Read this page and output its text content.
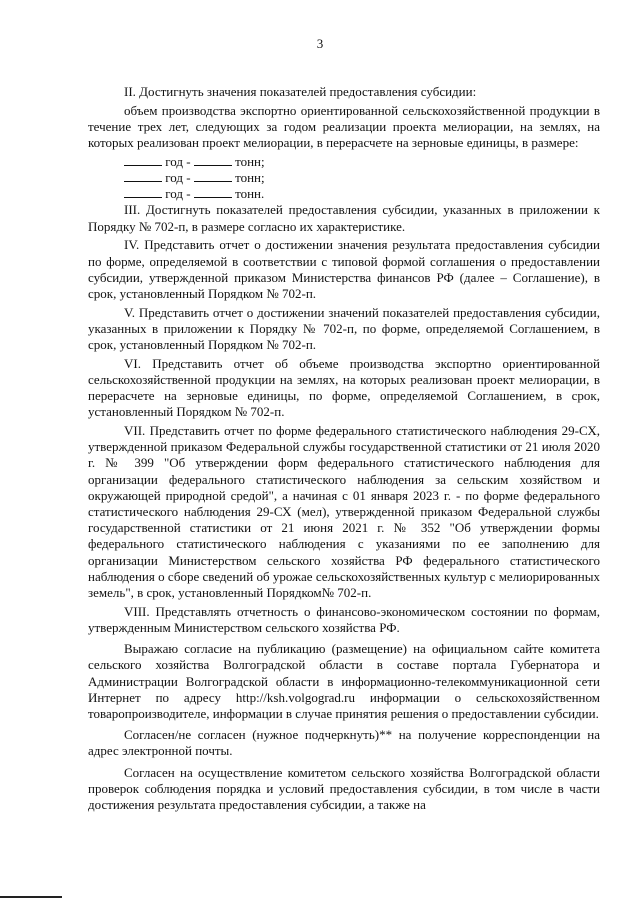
3

II. Достигнуть значения показателей предоставления субсидии:

объем производства экспортно ориентированной сельскохозяйственной продукции в течение трех лет, следующих за годом реализации проекта мелиорации, на землях, на которых реализован проект мелиорации, в перерасчете на зерновые единицы, в размере:

год -	тонн;
год -	тонн;
год -	тонн.

III. Достигнуть показателей предоставления субсидии, указанных в приложении к Порядку № 702-п, в размере согласно их характеристике.

IV. Представить отчет о достижении значения результата предоставления субсидии по форме, определяемой в соответствии с типовой формой соглашения о предоставлении субсидии, утвержденной приказом Министерства финансов РФ (далее – Соглашение), в срок, установленный Порядком № 702-п.

V. Представить отчет о достижении значений показателей предоставления субсидии, указанных в приложении к Порядку № 702-п, по форме, определяемой Соглашением, в срок, установленный Порядком № 702-п.

VI. Представить отчет об объеме производства экспортно ориентированной сельскохозяйственной продукции на землях, на которых реализован проект мелиорации, в перерасчете на зерновые единицы, по форме, определяемой Соглашением, в срок, установленный Порядком № 702-п.

VII. Представить отчет по форме федерального статистического наблюдения 29-СХ, утвержденной приказом Федеральной службы государственной статистики от 21 июля 2020 г. № 399 "Об утверждении форм федерального статистического наблюдения для организации федерального статистического наблюдения за сельским хозяйством и окружающей природной средой", а начиная с 01 января 2023 г. - по форме федерального статистического наблюдения 29-СХ (мел), утвержденной приказом Федеральной службы государственной статистики от 21 июня 2021 г. № 352 "Об утверждении формы федерального статистического наблюдения с указаниями по ее заполнению для организации Министерством сельского хозяйства РФ федерального статистического наблюдения о сборе сведений об урожае сельскохозяйственных культур с мелиорированных земель", в срок, установленный Порядком№ 702-п.

VIII. Представлять отчетность о финансово-экономическом состоянии по формам, утвержденным Министерством сельского хозяйства РФ.

Выражаю согласие на публикацию (размещение) на официальном сайте комитета сельского хозяйства Волгоградской области в составе портала Губернатора и Администрации Волгоградской области в информационно-телекоммуникационной сети Интернет по адресу http://ksh.volgograd.ru информации о сельскохозяйственном товаропроизводителе, информации в случае принятия решения о предоставлении субсидии.

Согласен/не согласен (нужное подчеркнуть)** на получение корреспонденции на адрес электронной почты.

Согласен на осуществление комитетом сельского хозяйства Волгоградской области проверок соблюдения порядка и условий предоставления субсидии, в том числе в части достижения результата предоставления субсидии, а также на
